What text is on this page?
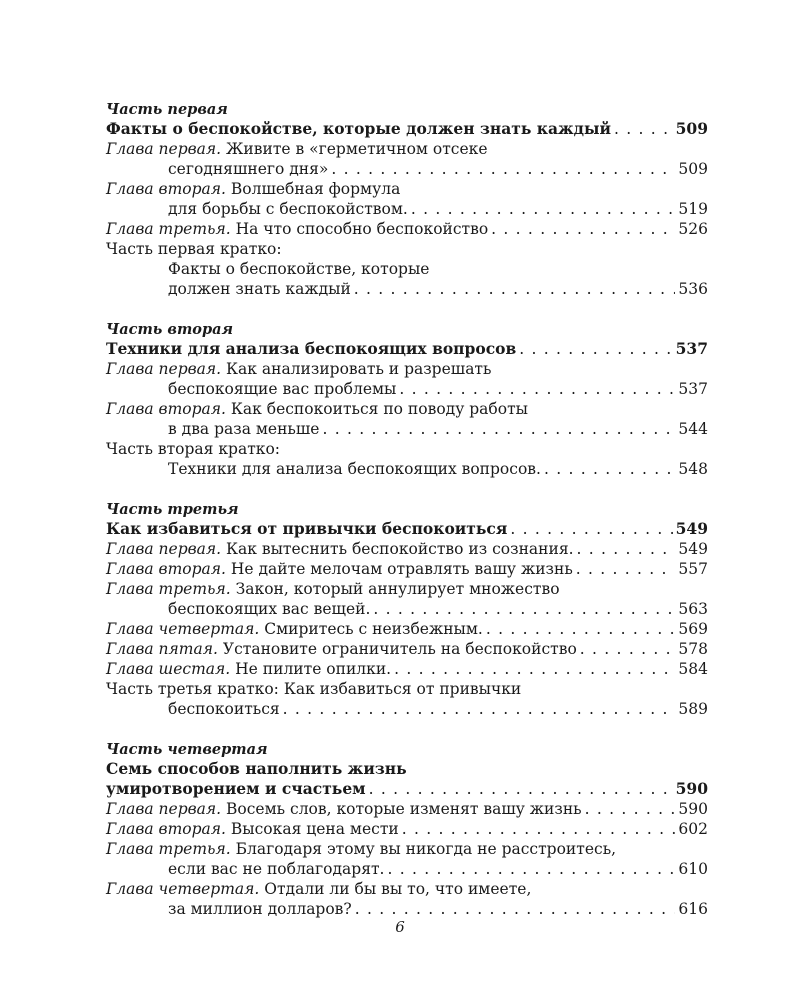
Часть первая
Факты о беспокойстве, которые должен знать каждый . . .	509
Глава первая. Живите в «герметичном отсеке
сегодняшнего дня» . . .	509
Глава вторая. Волшебная формула
для борьбы с беспокойством. . . .	519
Глава третья. На что способно беспокойство . . .	526
Часть первая кратко:
Факты о беспокойстве, которые
должен знать каждый . . .	536
Часть вторая
Техники для анализа беспокоящих вопросов . . .	537
Глава первая. Как анализировать и разрешать
беспокоящие вас проблемы . . .	537
Глава вторая. Как беспокоиться по поводу работы
в два раза меньше . . .	544
Часть вторая кратко:
Техники для анализа беспокоящих вопросов. . . .	548
Часть третья
Как избавиться от привычки беспокоиться . . .	549
Глава первая. Как вытеснить беспокойство из сознания. . . .	549
Глава вторая. Не дайте мелочам отравлять вашу жизнь . . .	557
Глава третья. Закон, который аннулирует множество
беспокоящих вас вещей. . . .	563
Глава четвертая. Смиритесь с неизбежным. . . .	569
Глава пятая. Установите ограничитель на беспокойство . . .	578
Глава шестая. Не пилите опилки. . . .	584
Часть третья кратко: Как избавиться от привычки
беспокоиться . . .	589
Часть четвертая
Семь способов наполнить жизнь
умиротворением и счастьем . . .	590
Глава первая. Восемь слов, которые изменят вашу жизнь . . .	590
Глава вторая. Высокая цена мести . . .	602
Глава третья. Благодаря этому вы никогда не расстроитесь,
если вас не поблагодарят. . . .	610
Глава четвертая. Отдали ли бы вы то, что имеете,
за миллион долларов? . . .	616
6
